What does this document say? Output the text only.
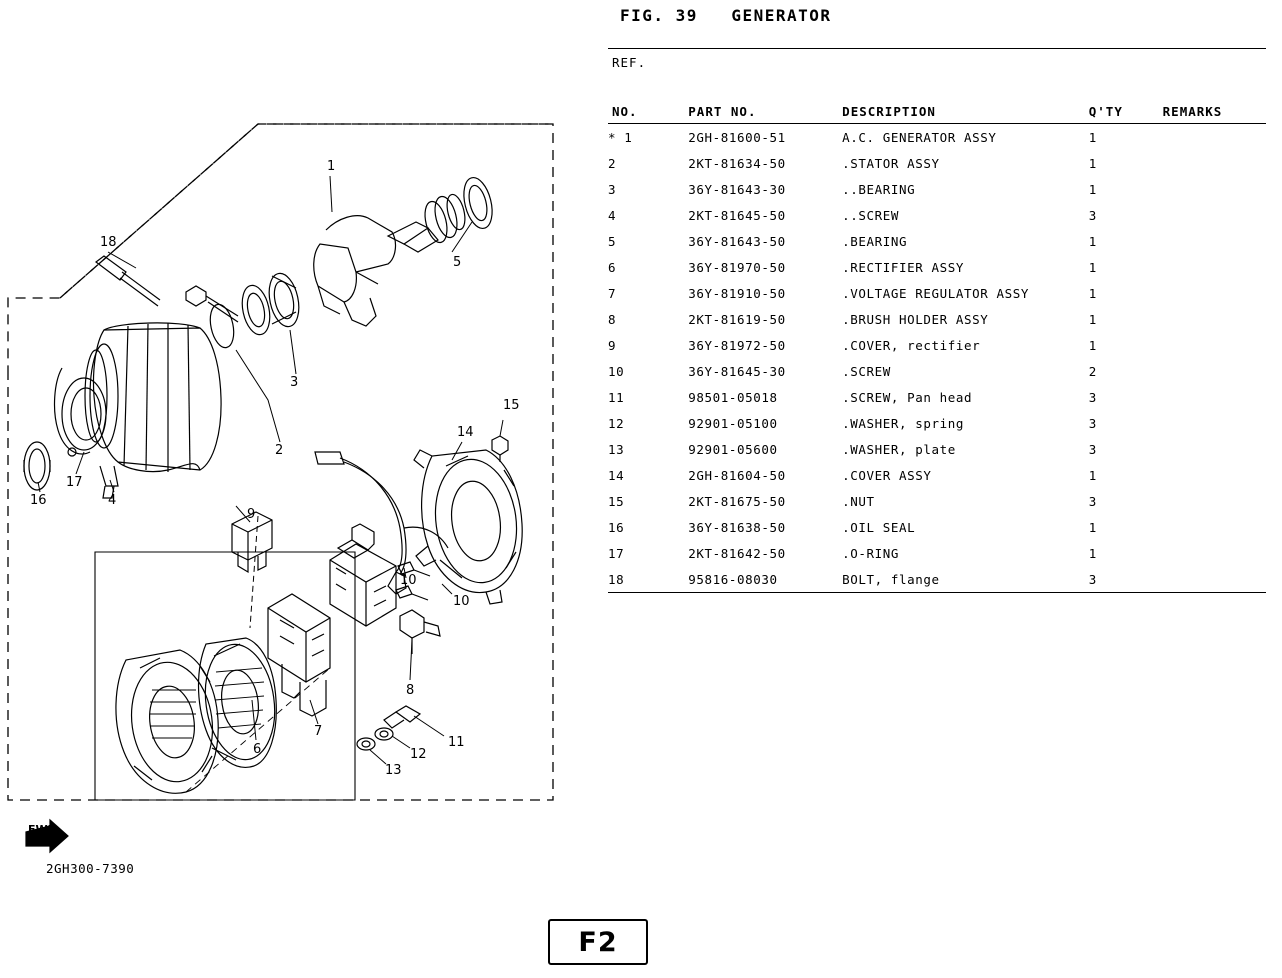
FIG. 39   GENERATOR
18
1
5
3
2
15
14
16
17
4
9
10
10
8
6
7
11
12
13
FWD
2GH300-7390
REF.				
NO.	PART NO.	DESCRIPTION	Q'TY	REMARKS
* 1	2GH-81600-51	A.C. GENERATOR ASSY	1	
2	2KT-81634-50	.STATOR ASSY	1	
3	36Y-81643-30	..BEARING	1	
4	2KT-81645-50	..SCREW	3	
5	36Y-81643-50	.BEARING	1	
6	36Y-81970-50	.RECTIFIER ASSY	1	
7	36Y-81910-50	.VOLTAGE REGULATOR ASSY	1	
8	2KT-81619-50	.BRUSH HOLDER ASSY	1	
9	36Y-81972-50	.COVER, rectifier	1	
10	36Y-81645-30	.SCREW	2	
11	98501-05018	.SCREW, Pan head	3	
12	92901-05100	.WASHER, spring	3	
13	92901-05600	.WASHER, plate	3	
14	2GH-81604-50	.COVER ASSY	1	
15	2KT-81675-50	.NUT	3	
16	36Y-81638-50	.OIL SEAL	1	
17	2KT-81642-50	.O-RING	1	
18	95816-08030	BOLT, flange	3	
F2
